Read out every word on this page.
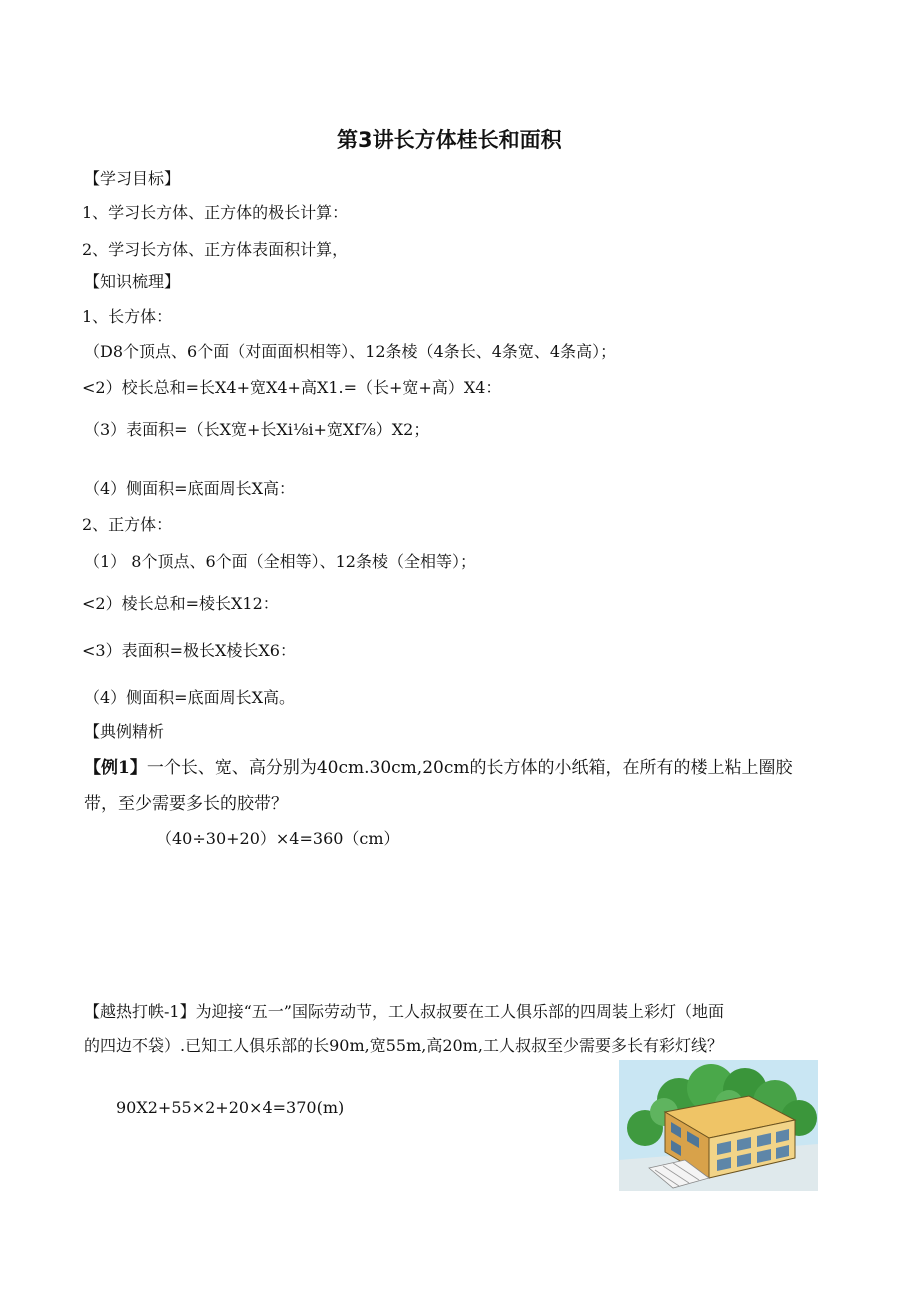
第3讲长方体桂长和面积
【学习目标】
1、学习长方体、正方体的极长计算：
2、学习长方体、正方体表面积计算，
【知识梳理】
1、长方体：
（D8个顶点、6个面（对面面枳相等）、12条棱（4条长、4条宽、4条高）；
<2）校长总和=长X4+宽X4+高X1.=（长+宽+高）X4：
（3）表面积=（长X宽+长Xi⅛i+宽Xf⅞）X2；
（4）侧面积=底面周长X高：
2、正方体：
（1） 8个顶点、6个面（全相等）、12条棱（全相等）；
<2）棱长总和=棱长X12：
<3）表面积=极长X棱长X6：
（4）侧面积=底面周长X高。
【典例精析
【例1】一个长、宽、高分别为40cm.30cm,20cm的长方体的小纸箱，在所有的楼上粘上圈胶
带，至少需要多长的胶带？
（40÷30+20）×4=360（cm）
【越热打帙-1】为迎接“五一”国际劳动节，工人叔叔要在工人俱乐部的四周装上彩灯（地面
的四边不袋）.已知工人俱乐部的长90m,宽55m,高20m,工人叔叔至少需要多长有彩灯线？
90X2+55×2+20×4=370(m)
